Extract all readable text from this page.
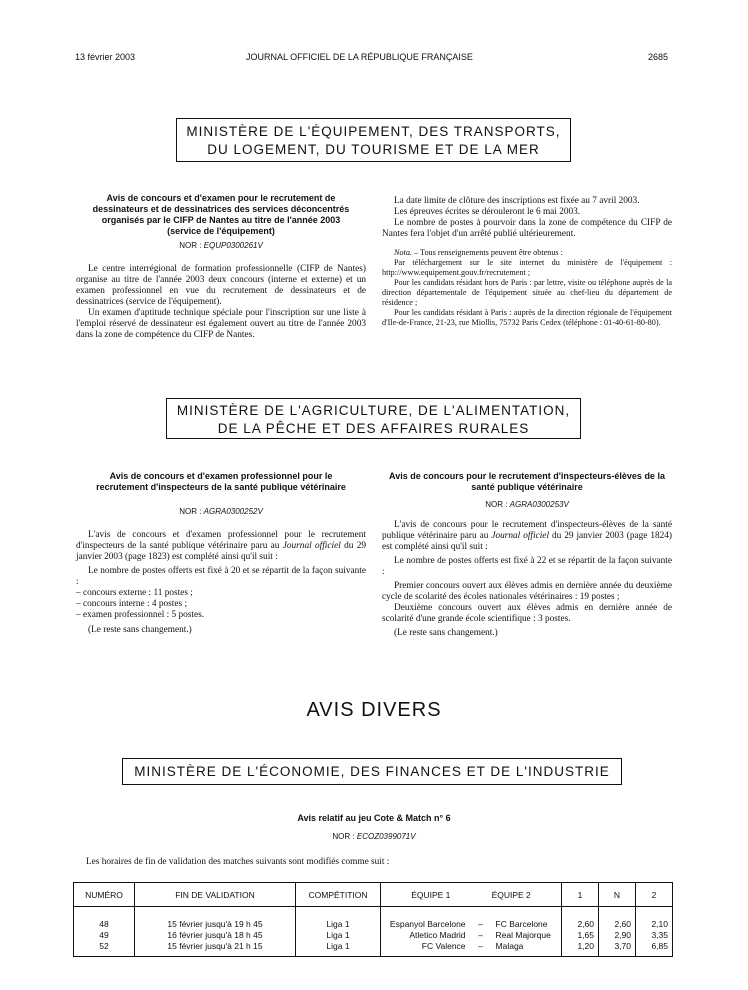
13 février 2003	JOURNAL OFFICIEL DE LA RÉPUBLIQUE FRANÇAISE	2685
MINISTÈRE DE L'ÉQUIPEMENT, DES TRANSPORTS,
DU LOGEMENT, DU TOURISME ET DE LA MER
Avis de concours et d'examen pour le recrutement de dessinateurs et de dessinatrices des services déconcentrés organisés par le CIFP de Nantes au titre de l'année 2003 (service de l'équipement)
NOR : EQUP0300261V

Le centre interrégional de formation professionnelle (CIFP de Nantes) organise au titre de l'année 2003 deux concours (interne et externe) et un examen professionnel en vue du recrutement de dessinateurs et de dessinatrices (service de l'équipement).

Un examen d'aptitude technique spéciale pour l'inscription sur une liste à l'emploi réservé de dessinateur est également ouvert au titre de l'année 2003 dans la zone de compétence du CIFP de Nantes.

La date limite de clôture des inscriptions est fixée au 7 avril 2003.

Les épreuves écrites se dérouleront le 6 mai 2003.

Le nombre de postes à pourvoir dans la zone de compétence du CIFP de Nantes fera l'objet d'un arrêté publié ultérieurement.

Nota. – Tous renseignements peuvent être obtenus :

Par téléchargement sur le site internet du ministère de l'équipement : http://www.equipement.gouv.fr/recrutement ;

Pour les candidats résidant hors de Paris : par lettre, visite ou téléphone auprès de la direction départementale de l'équipement située au chef-lieu du département de résidence ;

Pour les candidats résidant à Paris : auprès de la direction régionale de l'équipement d'Ile-de-France, 21-23, rue Miollis, 75732 Paris Cedex (téléphone : 01-40-61-80-80).

MINISTÈRE DE L'AGRICULTURE, DE L'ALIMENTATION,
DE LA PÊCHE ET DES AFFAIRES RURALES
Avis de concours et d'examen professionnel pour le recrutement d'inspecteurs de la santé publique vétérinaire
NOR : AGRA0300252V

L'avis de concours et d'examen professionnel pour le recrutement d'inspecteurs de la santé publique vétérinaire paru au Journal officiel du 29 janvier 2003 (page 1823) est complété ainsi qu'il suit :

Le nombre de postes offerts est fixé à 20 et se répartit de la façon suivante :

– concours externe : 11 postes ;
– concours interne : 4 postes ;
– examen professionnel : 5 postes.

(Le reste sans changement.)

Avis de concours pour le recrutement d'inspecteurs-élèves de la santé publique vétérinaire
NOR : AGRA0300253V

L'avis de concours pour le recrutement d'inspecteurs-élèves de la santé publique vétérinaire paru au Journal officiel du 29 janvier 2003 (page 1824) est complété ainsi qu'il suit :

Le nombre de postes offerts est fixé à 22 et se répartit de la façon suivante :

Premier concours ouvert aux élèves admis en dernière année du deuxième cycle de scolarité des écoles nationales vétérinaires : 19 postes ;

Deuxième concours ouvert aux élèves admis en dernière année de scolarité d'une grande école scientifique : 3 postes.

(Le reste sans changement.)

AVIS DIVERS
MINISTÈRE DE L'ÉCONOMIE, DES FINANCES ET DE L'INDUSTRIE
Avis relatif au jeu Cote & Match n° 6
NOR : ECOZ0399071V
Les horaires de fin de validation des matches suivants sont modifiés comme suit :
NUMÉRO	FIN DE VALIDATION	COMPÉTITION	ÉQUIPE 1 ÉQUIPE 2			1	N	2
48	15 février jusqu'à 19 h 45	Liga 1	Espanyol Barcelone	–	FC Barcelone	2,60	2,60	2,10
49	16 février jusqu'à 18 h 45	Liga 1	Atletico Madrid	–	Real Majorque	1,65	2,90	3,35
52	15 février jusqu'à 21 h 15	Liga 1	FC Valence	–	Malaga	1,20	3,70	6,85
